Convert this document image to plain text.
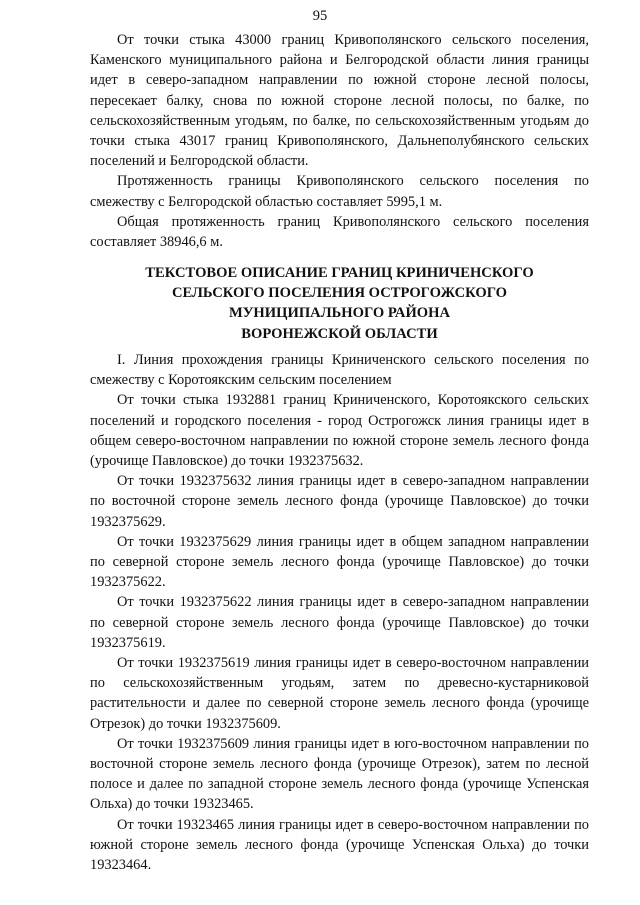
95

От точки стыка 43000 границ Кривополянского сельского поселения, Каменского муниципального района и Белгородской области линия границы идет в северо-западном направлении по южной стороне лесной полосы, пересекает балку, снова по южной стороне лесной полосы, по балке, по сельскохозяйственным угодьям, по балке, по сельскохозяйственным угодьям до точки стыка 43017 границ Кривополянского, Дальнеполубянского сельских поселений и Белгородской области.

Протяженность границы Кривополянского сельского поселения по смежеству с Белгородской областью составляет 5995,1 м.

Общая протяженность границ Кривополянского сельского поселения составляет 38946,6 м.

ТЕКСТОВОЕ ОПИСАНИЕ ГРАНИЦ КРИНИЧЕНСКОГО
СЕЛЬСКОГО ПОСЕЛЕНИЯ ОСТРОГОЖСКОГО
МУНИЦИПАЛЬНОГО РАЙОНА
ВОРОНЕЖСКОЙ ОБЛАСТИ

I. Линия прохождения границы Криниченского сельского поселения по смежеству с Коротоякским сельским поселением

От точки стыка 1932881 границ Криниченского, Коротоякского сельских поселений и городского поселения - город Острогожск линия границы идет в общем северо-восточном направлении по южной стороне земель лесного фонда (урочище Павловское) до точки 1932375632.

От точки 1932375632 линия границы идет в северо-западном направлении по восточной стороне земель лесного фонда (урочище Павловское) до точки 1932375629.

От точки 1932375629 линия границы идет в общем западном направлении по северной стороне земель лесного фонда (урочище Павловское) до точки 1932375622.

От точки 1932375622 линия границы идет в северо-западном направлении по северной стороне земель лесного фонда (урочище Павловское) до точки 1932375619.

От точки 1932375619 линия границы идет в северо-восточном направлении по сельскохозяйственным угодьям, затем по древесно-кустарниковой растительности и далее по северной стороне земель лесного фонда (урочище Отрезок) до точки 1932375609.

От точки 1932375609 линия границы идет в юго-восточном направлении по восточной стороне земель лесного фонда (урочище Отрезок), затем по лесной полосе и далее по западной стороне земель лесного фонда (урочище Успенская Ольха) до точки 19323465.

От точки 19323465 линия границы идет в северо-восточном направлении по южной стороне земель лесного фонда (урочище Успенская Ольха) до точки 19323464.
